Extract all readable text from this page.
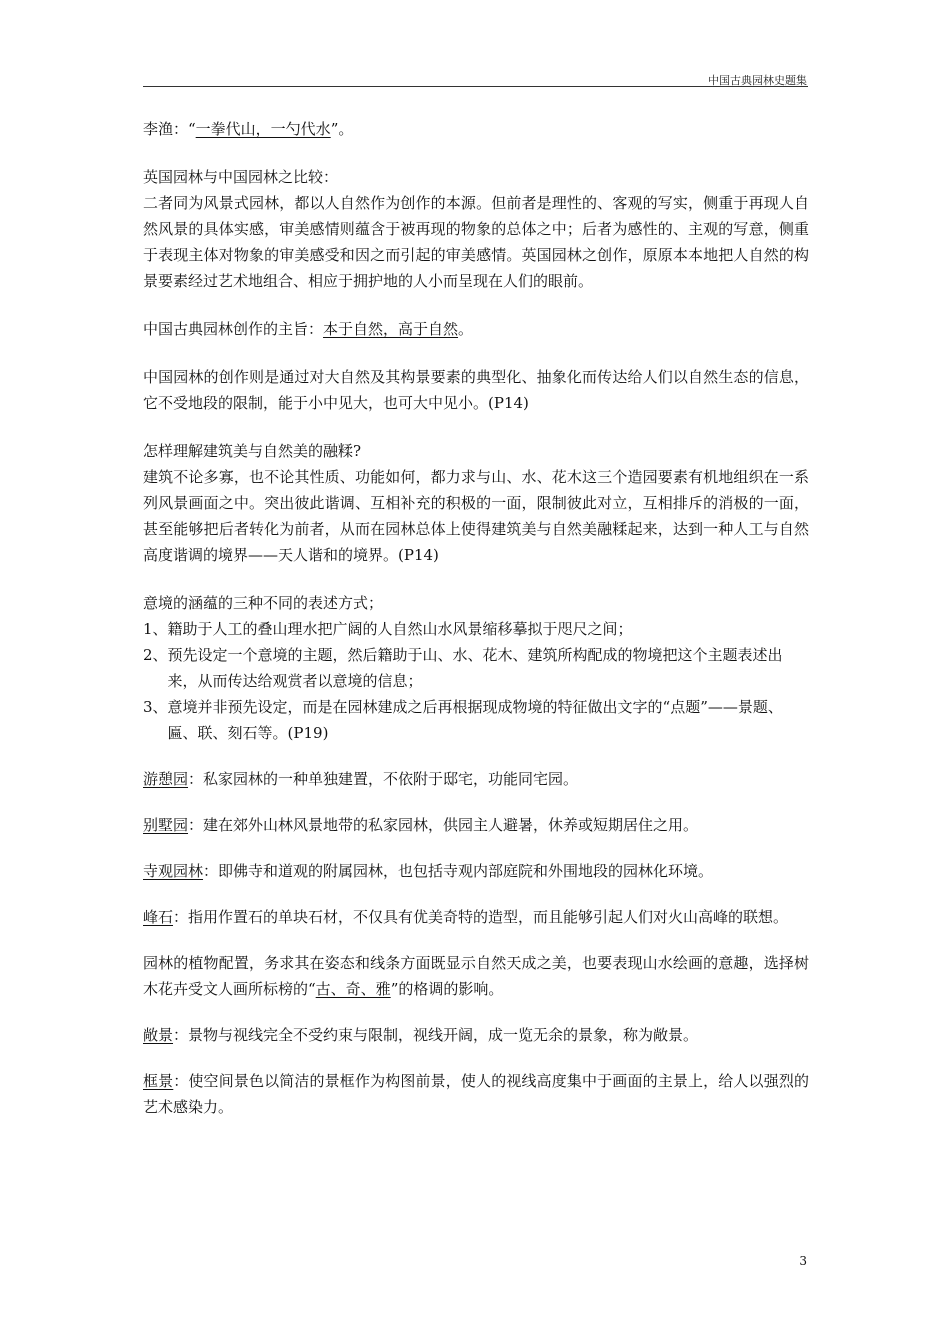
中国古典园林史题集

李渔：“一拳代山，一勺代水”。

英国园林与中国园林之比较：

二者同为风景式园林，都以人自然作为创作的本源。但前者是理性的、客观的写实，侧重于再现人自然风景的具体实感，审美感情则蕴含于被再现的物象的总体之中；后者为感性的、主观的写意，侧重于表现主体对物象的审美感受和因之而引起的审美感情。英国园林之创作，原原本本地把人自然的构景要素经过艺术地组合、相应于拥护地的人小而呈现在人们的眼前。

中国古典园林创作的主旨：本于自然，高于自然。

中国园林的创作则是通过对大自然及其构景要素的典型化、抽象化而传达给人们以自然生态的信息，它不受地段的限制，能于小中见大，也可大中见小。(P14)

怎样理解建筑美与自然美的融糅?

建筑不论多寡，也不论其性质、功能如何，都力求与山、水、花木这三个造园要素有机地组织在一系列风景画面之中。突出彼此谐调、互相补充的积极的一面，限制彼此对立，互相排斥的消极的一面，甚至能够把后者转化为前者，从而在园林总体上使得建筑美与自然美融糅起来，达到一种人工与自然高度谐调的境界——天人谐和的境界。(P14)

意境的涵蕴的三种不同的表述方式；

1、 籍助于人工的叠山理水把广阔的人自然山水风景缩移摹拟于咫尺之间；
2、 预先设定一个意境的主题，然后籍助于山、水、花木、建筑所构配成的物境把这个主题表述出来，从而传达给观赏者以意境的信息；
3、 意境并非预先设定，而是在园林建成之后再根据现成物境的特征做出文字的“点题”——景题、匾、联、刻石等。(P19)

游憩园：私家园林的一种单独建置，不依附于邸宅，功能同宅园。

别墅园：建在郊外山林风景地带的私家园林，供园主人避暑，休养或短期居住之用。

寺观园林：即佛寺和道观的附属园林，也包括寺观内部庭院和外围地段的园林化环境。

峰石：指用作置石的单块石材，不仅具有优美奇特的造型，而且能够引起人们对火山高峰的联想。

园林的植物配置，务求其在姿态和线条方面既显示自然天成之美，也要表现山水绘画的意趣，选择树木花卉受文人画所标榜的“古、奇、雅”的格调的影响。

敞景：景物与视线完全不受约束与限制，视线开阔，成一览无余的景象，称为敞景。

框景：使空间景色以简洁的景框作为构图前景，使人的视线高度集中于画面的主景上，给人以强烈的艺术感染力。

3
